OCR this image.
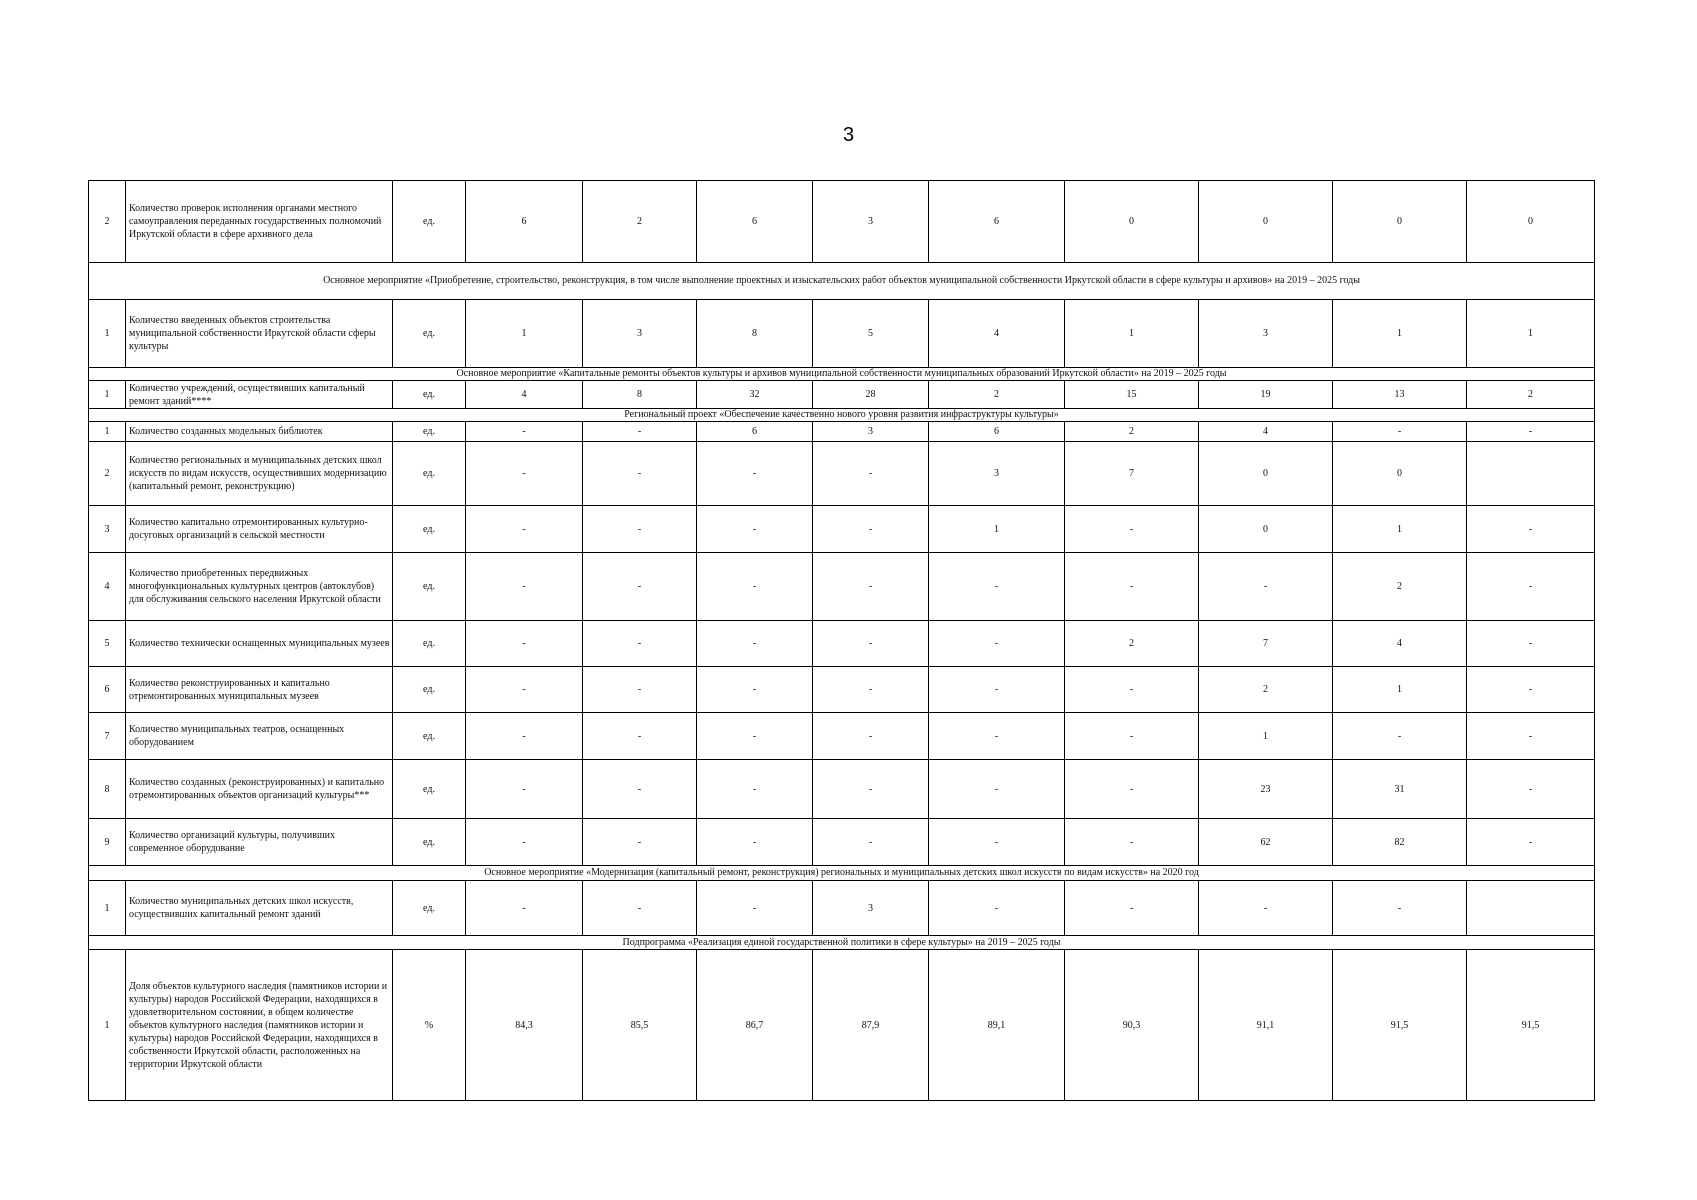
3
2	Количество проверок исполнения органами местного самоуправления переданных государственных полномочий Иркутской области в сфере архивного дела	ед.	6	2	6	3	6	0	0	0	0
Основное мероприятие «Приобретение, строительство, реконструкция, в том числе выполнение проектных и изыскательских работ объектов муниципальной собственности Иркутской области в сфере культуры и архивов» на 2019 – 2025 годы											
1	Количество введенных объектов строительства муниципальной собственности Иркутской области сферы культуры	ед.	1	3	8	5	4	1	3	1	1
Основное мероприятие «Капитальные ремонты объектов культуры и архивов муниципальной собственности муниципальных образований Иркутской области» на 2019 – 2025 годы											
1	Количество учреждений, осуществивших капитальный ремонт зданий****	ед.	4	8	32	28	2	15	19	13	2
Региональный проект «Обеспечение качественно нового уровня развития инфраструктуры культуры»											
1	Количество созданных модельных библиотек	ед.	-	-	6	3	6	2	4	-	-
2	Количество региональных и муниципальных детских школ искусств по видам искусств, осуществивших модернизацию (капитальный ремонт, реконструкцию)	ед.	-	-	-	-	3	7	0	0	
3	Количество капитально отремонтированных культурно-досуговых организаций в сельской местности	ед.	-	-	-	-	1	-	0	1	-
4	Количество приобретенных передвижных многофункциональных культурных центров (автоклубов) для обслуживания сельского населения Иркутской области	ед.	-	-	-	-	-	-	-	2	-
5	Количество технически оснащенных муниципальных музеев	ед.	-	-	-	-	-	2	7	4	-
6	Количество реконструированных и капитально отремонтированных муниципальных музеев	ед.	-	-	-	-	-	-	2	1	-
7	Количество муниципальных театров, оснащенных оборудованием	ед.	-	-	-	-	-	-	1	-	-
8	Количество созданных (реконструированных) и капитально отремонтированных объектов организаций культуры***	ед.	-	-	-	-	-	-	23	31	-
9	Количество организаций культуры, получивших современное оборудование	ед.	-	-	-	-	-	-	62	82	-
Основное мероприятие «Модернизация (капитальный ремонт, реконструкция) региональных и муниципальных детских школ искусств по видам искусств» на 2020 год											
1	Количество муниципальных детских школ искусств, осуществивших капитальный ремонт зданий	ед.	-	-	-	3	-	-	-	-	
Подпрограмма «Реализация единой государственной политики в сфере культуры» на 2019 – 2025 годы											
1	Доля объектов культурного наследия (памятников истории и культуры) народов Российской Федерации, находящихся в удовлетворительном состоянии, в общем количестве объектов культурного наследия (памятников истории и культуры) народов Российской Федерации, находящихся в собственности Иркутской области, расположенных на территории Иркутской области	%	84,3	85,5	86,7	87,9	89,1	90,3	91,1	91,5	91,5
